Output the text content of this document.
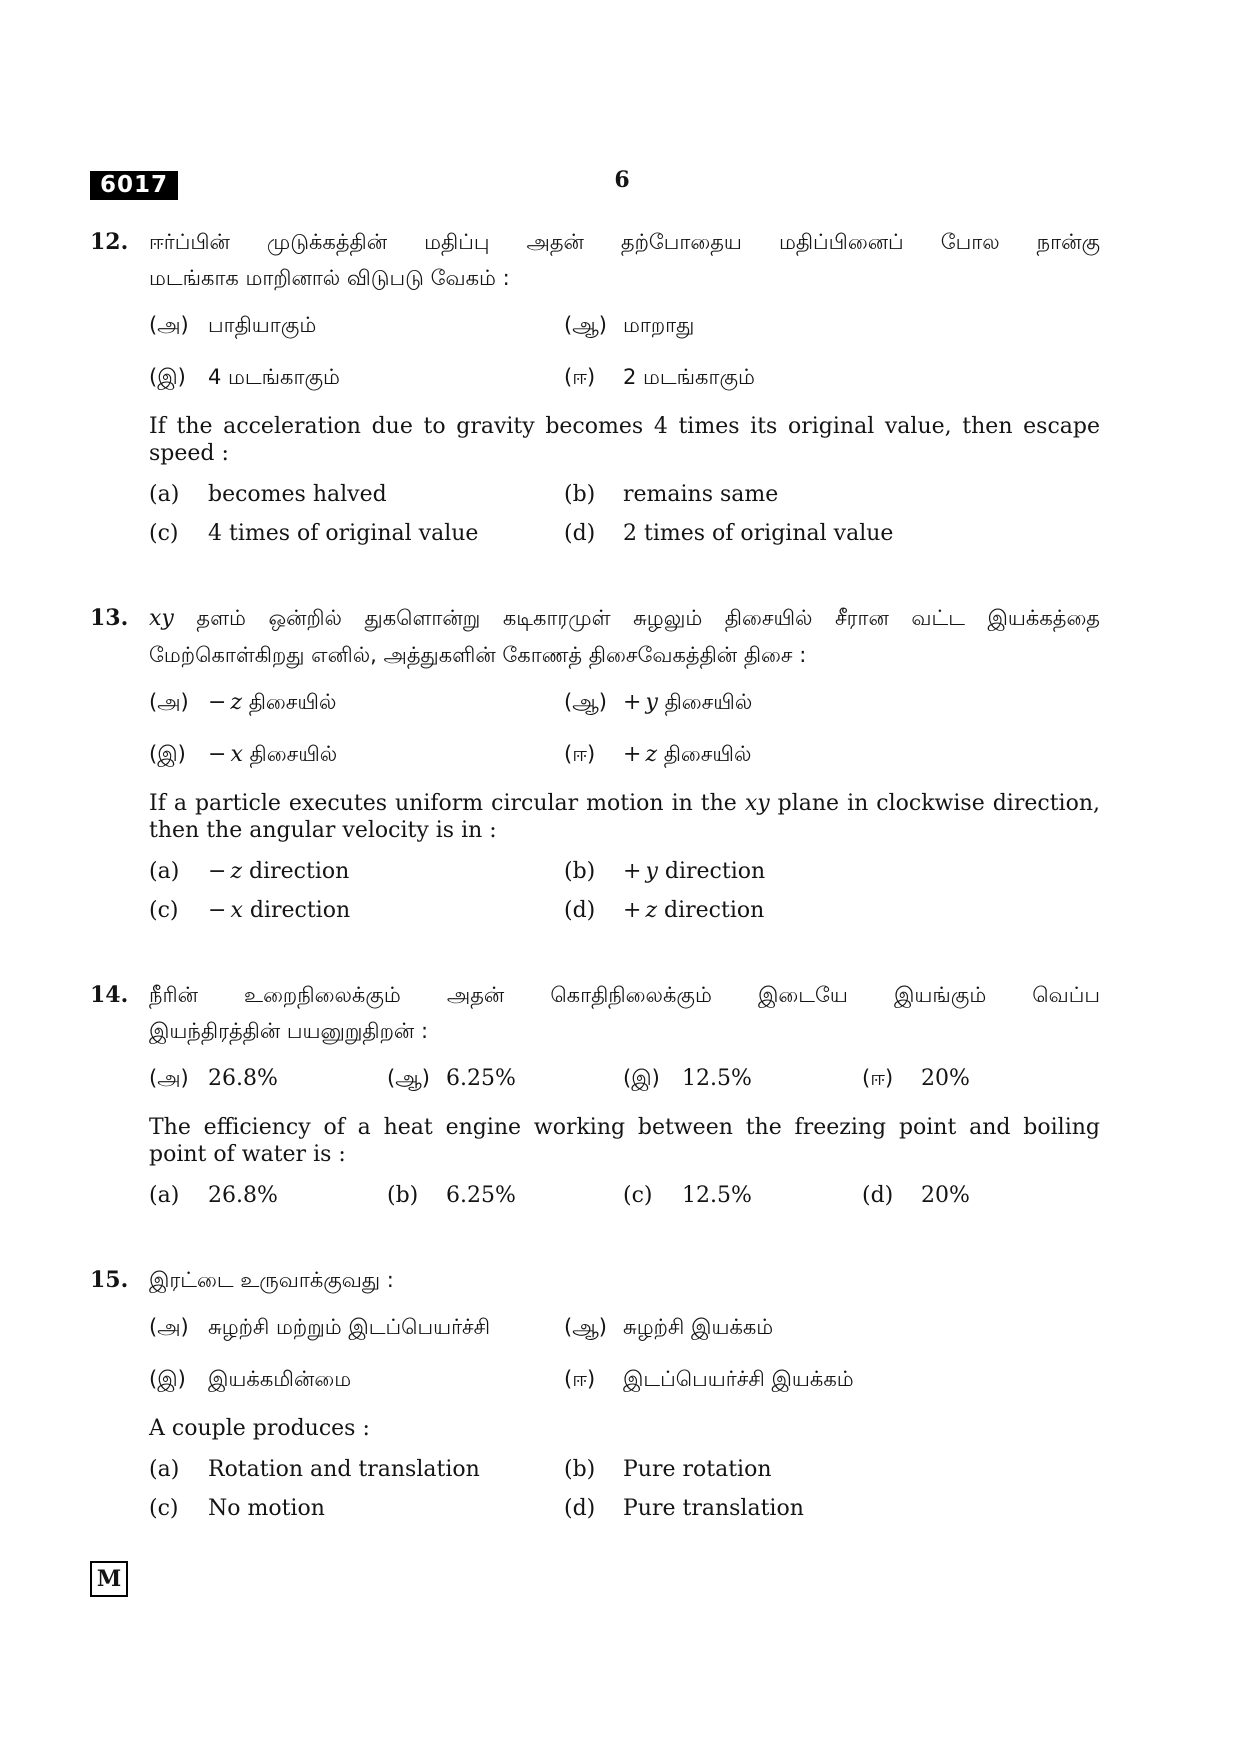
6017	6
12. ஈர்ப்பின் முடுக்கத்தின் மதிப்பு அதன் தற்போதைய மதிப்பினைப் போல நான்கு
மடங்காக மாறினால் விடுபடு வேகம் :
(அ) பாதியாகும்	(ஆ) மாறாது
(இ)	4 மடங்காகும்	(ஈ)	2 மடங்காகும்
If the acceleration due to gravity becomes 4 times its original value, then escape
speed :
(a)	becomes halved	(b)	remains same
(c)	4 times of original value	(d)	2 times of original value
13. xy தளம் ஒன்றில் துகளொன்று கடிகாரமுள் சுழலும் திசையில் சீரான வட்ட இயக்கத்தை
மேற்கொள்கிறது எனில், அத்துகளின் கோணத் திசைவேகத்தின் திசை :
(அ) − z திசையில்	(ஆ) + y திசையில்
(இ)	− x திசையில்	(ஈ)	+ z திசையில்
If a particle executes uniform circular motion in the xy plane in clockwise direction,
then the angular velocity is in :
(a)	− z direction	(b)	+ y direction
(c)	− x direction	(d)	+ z direction
14. நீரின் உறைநிலைக்கும் அதன் கொதிநிலைக்கும் இடையே இயங்கும் வெப்ப
இயந்திரத்தின் பயனுறுதிறன் :
(அ) 26.8%	(ஆ) 6.25%	(இ)	12.5%	(ஈ)	20%
The efficiency of a heat engine working between the freezing point and boiling
point of water is :
(a)	26.8%	(b)	6.25%	(c)	12.5%	(d)	20%
15. இரட்டை உருவாக்குவது :
(அ) சுழற்சி மற்றும் இடப்பெயர்ச்சி	(ஆ) சுழற்சி இயக்கம்
(இ)	இயக்கமின்மை	(ஈ)	இடப்பெயர்ச்சி இயக்கம்
A couple produces :
(a)	Rotation and translation	(b)	Pure rotation
(c)	No motion	(d)	Pure translation
M
